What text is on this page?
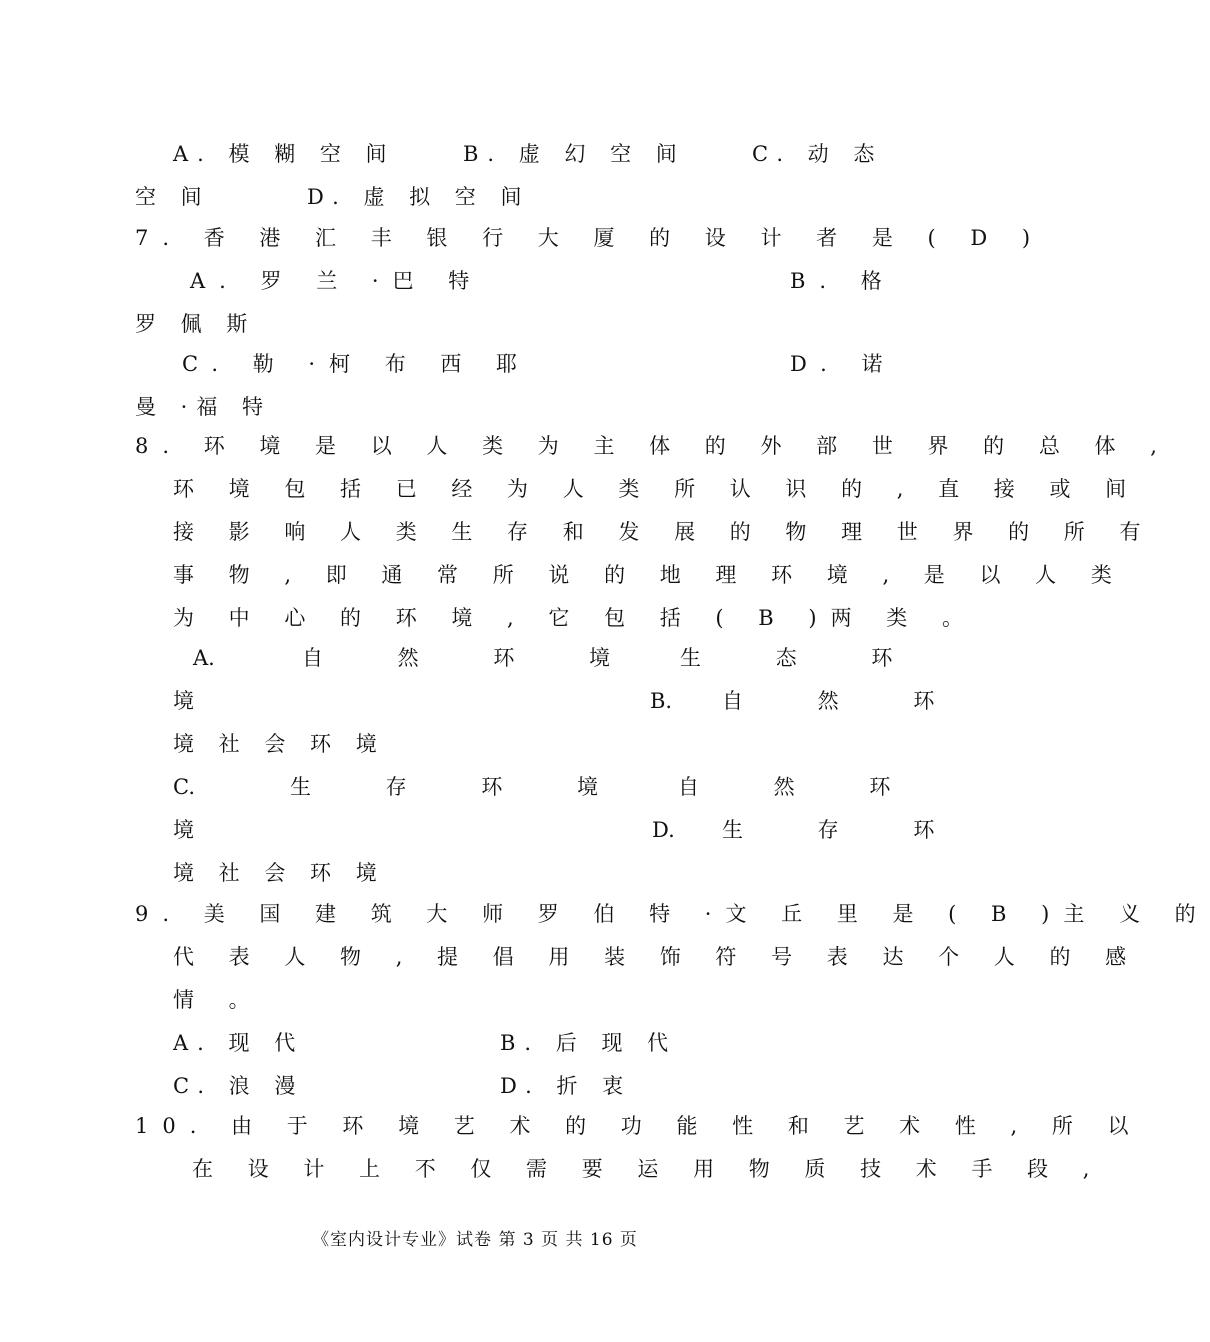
A. 模 糊 空 间	B. 虚 幻 空 间	C. 动 态
空 间	D. 虚 拟 空 间
7. 香 港 汇 丰 银 行 大 厦 的 设 计 者 是 ( D )
A. 罗 兰 ·巴 特	B. 格
罗 佩 斯
C. 勒 ·柯 布 西 耶	D. 诺
曼 ·福 特
8. 环 境 是 以 人 类 为 主 体 的 外 部 世 界 的 总 体 ,
环 境 包 括 已 经 为 人 类 所 认 识 的 , 直 接 或 间
接 影 响 人 类 生 存 和 发 展 的 物 理 世 界 的 所 有
事 物 , 即 通 常 所 说 的 地 理 环 境 , 是 以 人 类
为 中 心 的 环 境 , 它 包 括 ( B )两 类 。
A.	自 然 环 境 生 态 环
境	B. 自 然 环
境 社 会 环 境
C.	生 存 环 境 自 然 环
境	D. 生 存 环
境 社 会 环 境
9. 美 国 建 筑 大 师 罗 伯 特 ·文 丘 里 是 ( B )主 义 的
代 表 人 物 , 提 倡 用 装 饰 符 号 表 达 个 人 的 感
情 。
A. 现 代	B. 后 现 代
C. 浪 漫	D. 折 衷
10. 由 于 环 境 艺 术 的 功 能 性 和 艺 术 性 , 所 以
在 设 计 上 不 仅 需 要 运 用 物 质 技 术 手 段 ,
《室内设计专业》试卷 第 3 页 共 16 页
